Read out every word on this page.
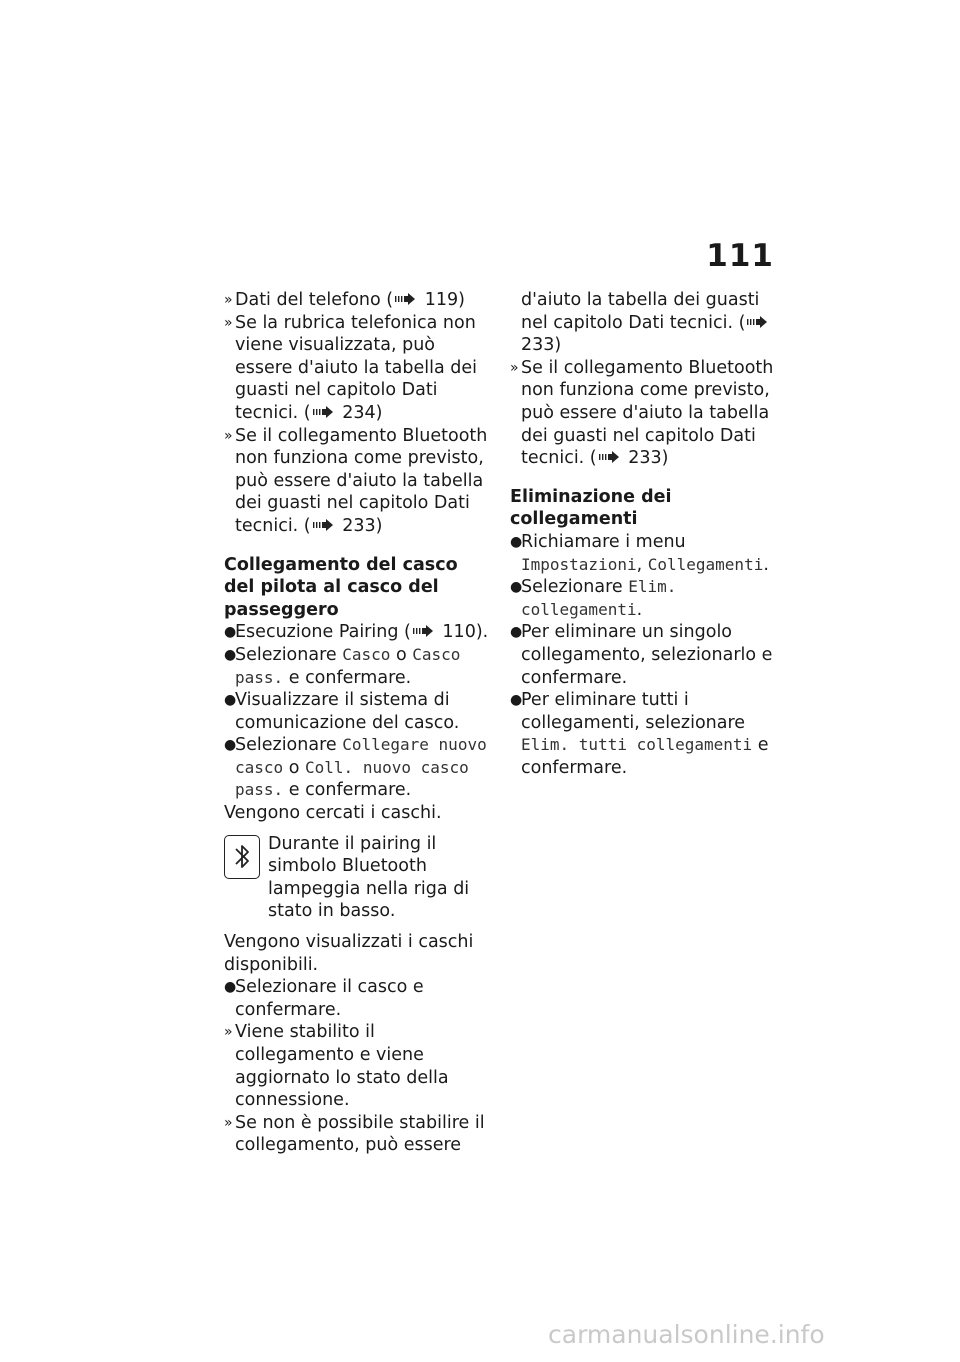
111
» Dati del telefono ( 119)
» Se la rubrica telefonica non viene visualizzata, può essere d'aiuto la tabella dei guasti nel capitolo Dati tecnici. ( 234)
» Se il collegamento Bluetooth non funziona come previsto, può essere d'aiuto la tabella dei guasti nel capitolo Dati tecnici. ( 233)
Collegamento del casco del pilota al casco del passeggero
●
Esecuzione Pairing ( 110).
●
Selezionare Casco o Casco pass. e confermare.
●
Visualizzare il sistema di comunicazione del casco.
●
Selezionare Collegare nuovo casco o Coll. nuovo casco pass. e confermare.
Vengono cercati i caschi.
Durante il pairing il simbolo Bluetooth lampeggia nella riga di stato in basso.
Vengono visualizzati i caschi disponibili.
●
Selezionare il casco e confermare.
» Viene stabilito il collegamento e viene aggiornato lo stato della connessione.
» Se non è possibile stabilire il collegamento, può essere
d'aiuto la tabella dei guasti nel capitolo Dati tecnici. ( 233)
» Se il collegamento Bluetooth non funziona come previsto, può essere d'aiuto la tabella dei guasti nel capitolo Dati tecnici. ( 233)
Eliminazione dei collegamenti
●
Richiamare i menu Impostazioni, Collegamenti.
●
Selezionare Elim. collegamenti.
●
Per eliminare un singolo collegamento, selezionarlo e confermare.
●
Per eliminare tutti i collegamenti, selezionare Elim. tutti collegamenti e confermare.
carmanualsonline.info
